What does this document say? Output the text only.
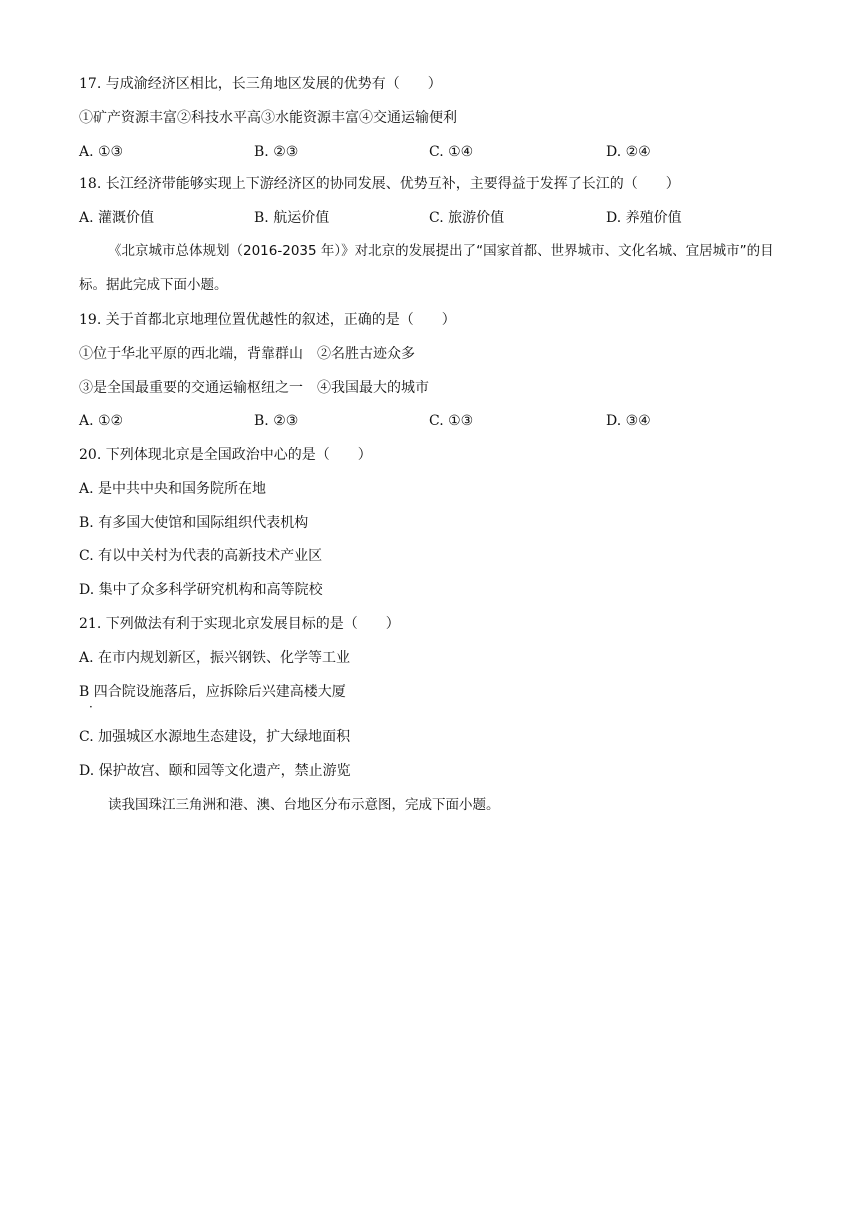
17. 与成渝经济区相比，长三角地区发展的优势有（　　）
①矿产资源丰富②科技水平高③水能资源丰富④交通运输便利
A. ①③	B. ②③	C. ①④	D. ②④
18. 长江经济带能够实现上下游经济区的协同发展、优势互补，主要得益于发挥了长江的（　　）
A. 灌溉价值	B. 航运价值	C. 旅游价值	D. 养殖价值
《北京城市总体规划（2016-2035 年）》对北京的发展提出了“国家首都、世界城市、文化名城、宜居城市”的目标。据此完成下面小题。
19. 关于首都北京地理位置优越性的叙述，正确的是（　　）
①位于华北平原的西北端，背靠群山　②名胜古迹众多
③是全国最重要的交通运输枢纽之一　④我国最大的城市
A. ①②	B. ②③	C. ①③	D. ③④
20. 下列体现北京是全国政治中心的是（　　）
A. 是中共中央和国务院所在地
B. 有多国大使馆和国际组织代表机构
C. 有以中关村为代表的高新技术产业区
D. 集中了众多科学研究机构和高等院校
21. 下列做法有利于实现北京发展目标的是（　　）
A. 在市内规划新区，振兴钢铁、化学等工业
B 四合院设施落后，应拆除后兴建高楼大厦
·
C. 加强城区水源地生态建设，扩大绿地面积
D. 保护故宫、颐和园等文化遗产，禁止游览
读我国珠江三角洲和港、澳、台地区分布示意图，完成下面小题。
